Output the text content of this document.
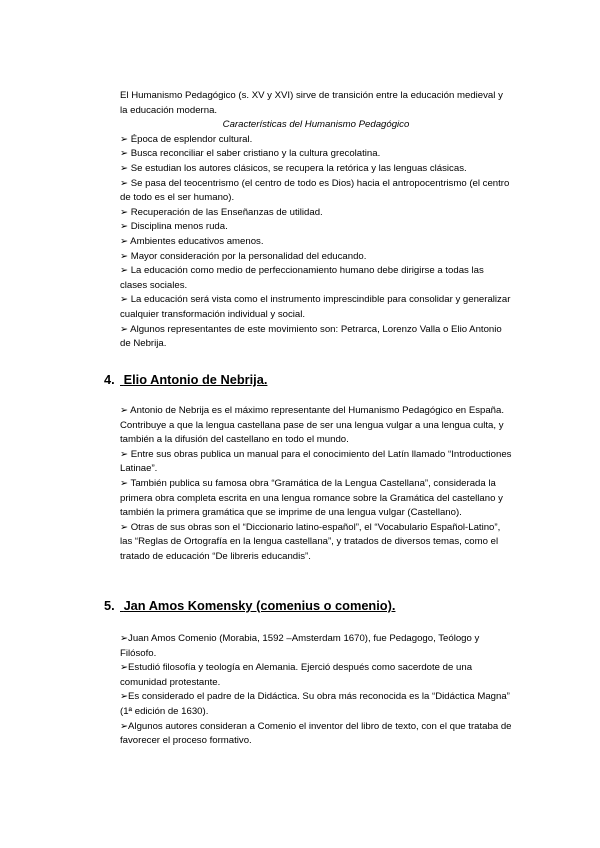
El Humanismo Pedagógico (s. XV y XVI) sirve de transición entre la educación medieval y la educación moderna.

Características del Humanismo Pedagógico

➢ Época de esplendor cultural.

➢ Busca reconciliar el saber cristiano y la cultura grecolatina.

➢ Se estudian los autores clásicos, se recupera la retórica y las lenguas clásicas.

➢ Se pasa del teocentrismo (el centro de todo es Dios) hacia el antropocentrismo (el centro de todo es el ser humano).

➢ Recuperación de las Enseñanzas de utilidad.

➢ Disciplina menos ruda.

➢ Ambientes educativos amenos.

➢ Mayor consideración por la personalidad del educando.

➢ La educación como medio de perfeccionamiento humano debe dirigirse a todas las clases sociales.

➢ La educación será vista como el instrumento imprescindible para consolidar y generalizar cualquier transformación individual y social.

➢ Algunos representantes de este movimiento son: Petrarca, Lorenzo Valla o Elio Antonio de Nebrija.

4. Elio Antonio de Nebrija.

➢ Antonio de Nebrija es el máximo representante del Humanismo Pedagógico en España. Contribuye a que la lengua castellana pase de ser una lengua vulgar a una lengua culta, y también a la difusión del castellano en todo el mundo.

➢ Entre sus obras publica un manual para el conocimiento del Latín llamado “Introductiones Latinae”.

➢ También publica su famosa obra “Gramática de la Lengua Castellana”, considerada la primera obra completa escrita en una lengua romance sobre la Gramática del castellano y también la primera gramática que se imprime de una lengua vulgar (Castellano).

➢ Otras de sus obras son el “Diccionario latino-español”, el “Vocabulario Español-Latino”, las “Reglas de Ortografía en la lengua castellana”, y tratados de diversos temas, como el tratado de educación “De libreris educandis”.

5. Jan Amos Komensky (comenius o comenio).

➢Juan Amos Comenio (Morabia, 1592 –Amsterdam 1670), fue Pedagogo, Teólogo y Filósofo.

➢Estudió filosofía y teología en Alemania. Ejerció después como sacerdote de una comunidad protestante.

➢Es considerado el padre de la Didáctica. Su obra más reconocida es la “Didáctica Magna” (1ª edición de 1630).

➢Algunos autores consideran a Comenio el inventor del libro de texto, con el que trataba de favorecer el proceso formativo.
